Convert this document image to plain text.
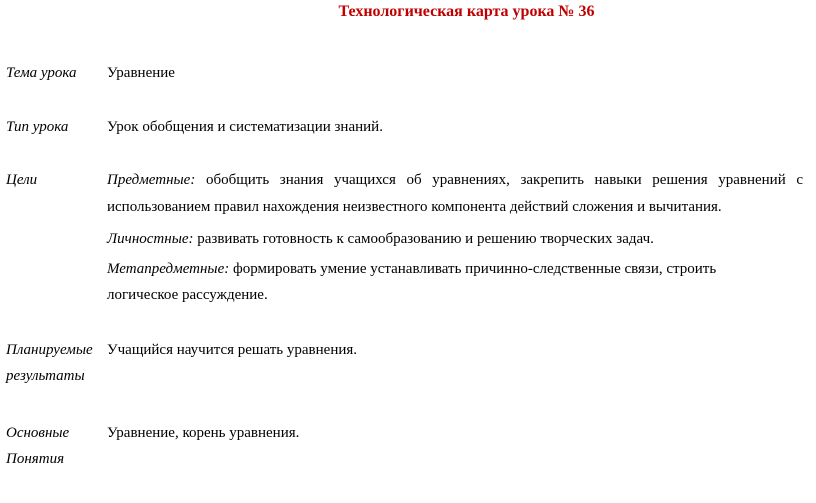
Технологическая карта урока № 36
Тема урока Уравнение
Тип урока	Урок обобщения и систематизации знаний.
Цели	Предметные: обобщить знания учащихся об уравнениях, закрепить навыки решения уравнений с использованием правил нахождения неизвестного компонента действий сложения и вычитания.

Личностные: развивать готовность к самообразованию и решению творческих задач.

Метапредметные: формировать умение устанавливать причинно-следственные связи, строить
логическое рассуждение.

Планируемые
результаты
Учащийся научится решать уравнения.
Основные
Понятия
Уравнение, корень уравнения.
